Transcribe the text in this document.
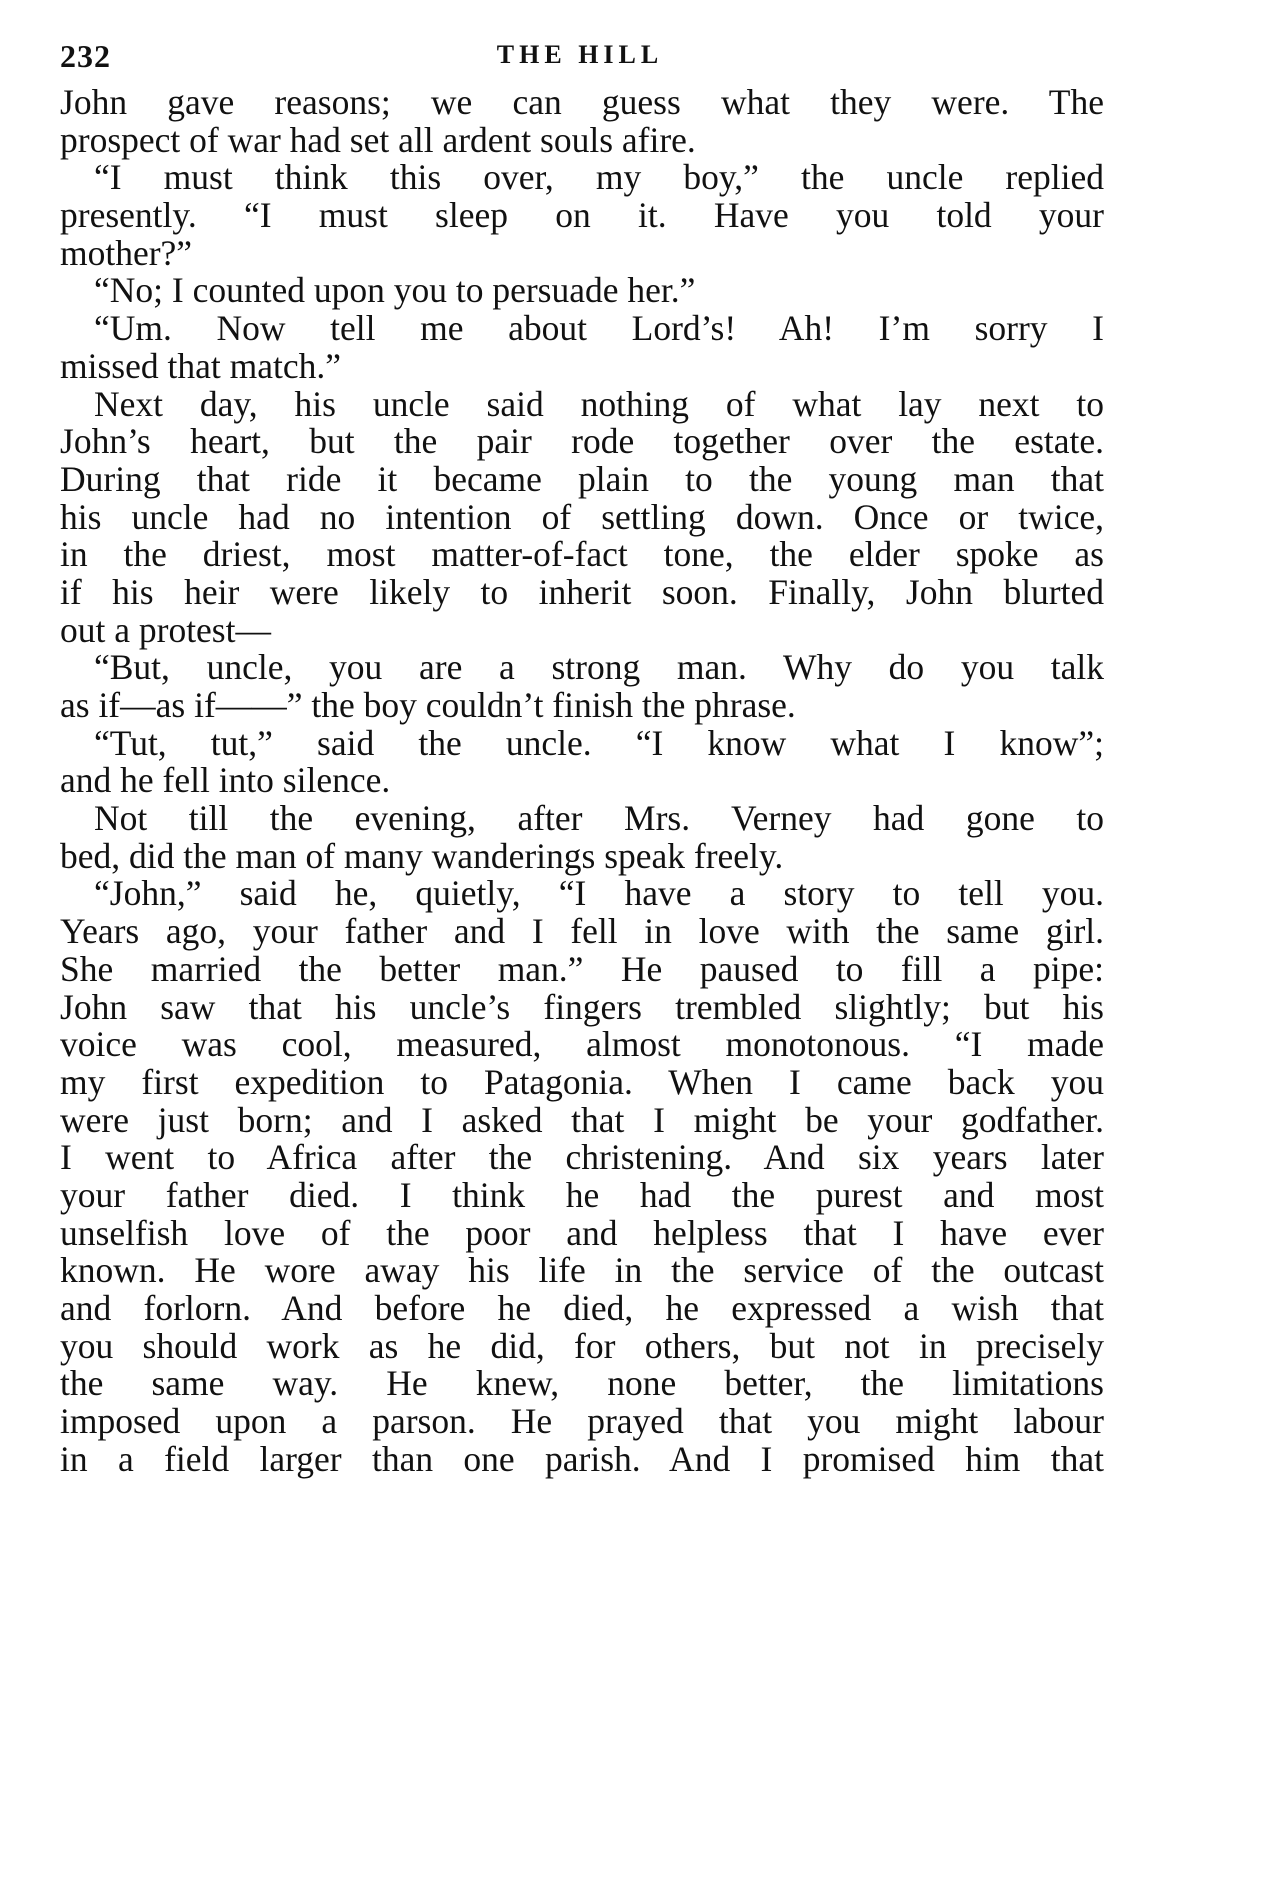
232	THE HILL
John gave reasons; we can guess what they were. The
prospect of war had set all ardent souls afire.
“I must think this over, my boy,” the uncle replied
presently. “I must sleep on it. Have you told your
mother?”
“No; I counted upon you to persuade her.”
“Um. Now tell me about Lord’s! Ah! I’m sorry I
missed that match.”
Next day, his uncle said nothing of what lay next to
John’s heart, but the pair rode together over the estate.
During that ride it became plain to the young man that
his uncle had no intention of settling down. Once or twice,
in the driest, most matter-of-fact tone, the elder spoke as
if his heir were likely to inherit soon. Finally, John blurted
out a protest—
“But, uncle, you are a strong man. Why do you talk
as if—as if——” the boy couldn’t finish the phrase.
“Tut, tut,” said the uncle. “I know what I know”;
and he fell into silence.
Not till the evening, after Mrs. Verney had gone to
bed, did the man of many wanderings speak freely.
“John,” said he, quietly, “I have a story to tell you.
Years ago, your father and I fell in love with the same girl.
She married the better man.” He paused to fill a pipe:
John saw that his uncle’s fingers trembled slightly; but his
voice was cool, measured, almost monotonous. “I made
my first expedition to Patagonia. When I came back you
were just born; and I asked that I might be your godfather.
I went to Africa after the christening. And six years later
your father died. I think he had the purest and most
unselfish love of the poor and helpless that I have ever
known. He wore away his life in the service of the outcast
and forlorn. And before he died, he expressed a wish that
you should work as he did, for others, but not in precisely
the same way. He knew, none better, the limitations
imposed upon a parson. He prayed that you might labour
in a field larger than one parish. And I promised him that
